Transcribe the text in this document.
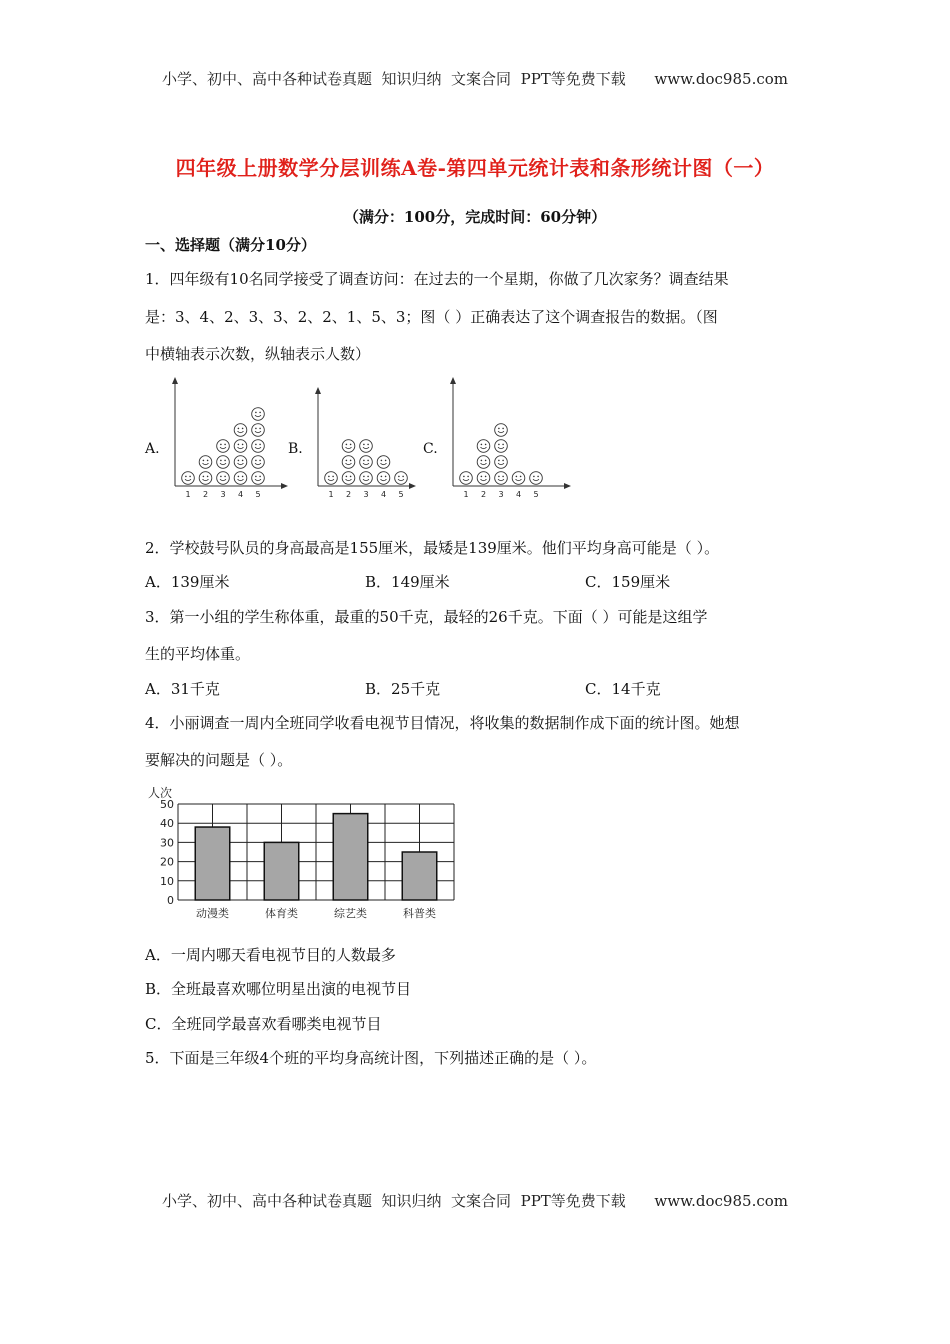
小学、初中、高中各种试卷真题  知识归纳  文案合同  PPT等免费下载      www.doc985.com
四年级上册数学分层训练A卷-第四单元统计表和条形统计图（一）
（满分：100分，完成时间：60分钟）
一、选择题（满分10分）
1．四年级有10名同学接受了调查访问：在过去的一个星期，你做了几次家务？调查结果
是：3、4、2、3、3、2、2、1、5、3；图（ ）正确表达了这个调查报告的数据。（图
中横轴表示次数，纵轴表示人数）
A.	B.	C.
1 2 3 4 5	1 2 3 4 5	1 2 3 4 5
2．学校鼓号队员的身高最高是155厘米，最矮是139厘米。他们平均身高可能是（ ）。
A．139厘米	B．149厘米	C．159厘米
3．第一小组的学生称体重，最重的50千克，最轻的26千克。下面（ ）可能是这组学
生的平均体重。
A．31千克	B．25千克	C．14千克
4．小丽调查一周内全班同学收看电视节目情况，将收集的数据制作成下面的统计图。她想
要解决的问题是（ ）。
人次
0
10
20
30
40
50
动漫类	体育类	综艺类	科普类
A．一周内哪天看电视节目的人数最多
B．全班最喜欢哪位明星出演的电视节目
C．全班同学最喜欢看哪类电视节目
5．下面是三年级4个班的平均身高统计图，下列描述正确的是（ ）。
小学、初中、高中各种试卷真题  知识归纳  文案合同  PPT等免费下载      www.doc985.com
